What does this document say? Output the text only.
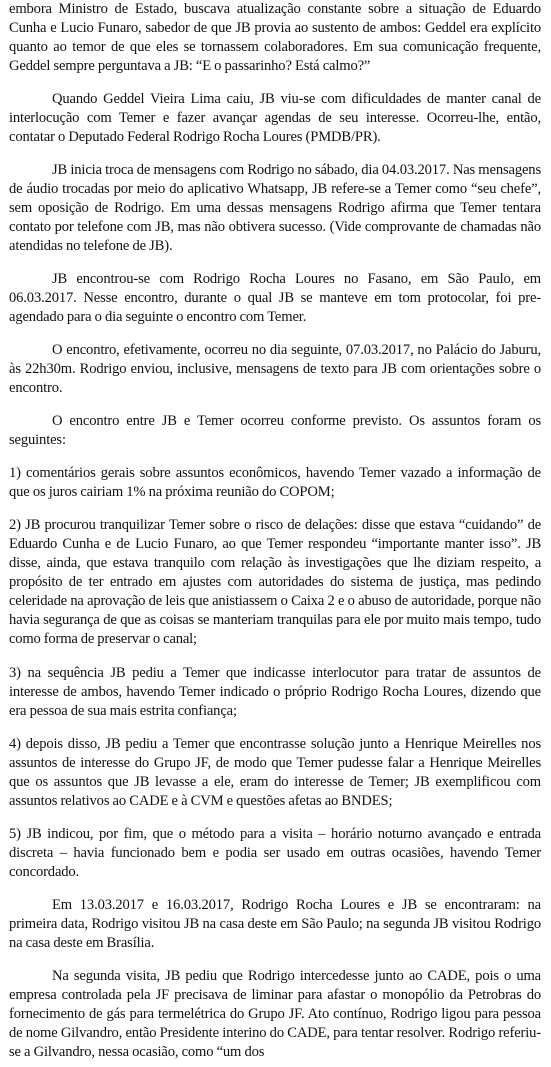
embora Ministro de Estado, buscava atualização constante sobre a situação de Eduardo Cunha e Lucio Funaro, sabedor de que JB provia ao sustento de ambos: Geddel era explícito quanto ao temor de que eles se tornassem colaboradores. Em sua comunicação frequente, Geddel sempre perguntava a JB: “E o passarinho? Está calmo?”

Quando Geddel Vieira Lima caiu, JB viu-se com dificuldades de manter canal de interlocução com Temer e fazer avançar agendas de seu interesse. Ocorreu-lhe, então, contatar o Deputado Federal Rodrigo Rocha Loures (PMDB/PR).

JB inicia troca de mensagens com Rodrigo no sábado, dia 04.03.2017. Nas mensagens de áudio trocadas por meio do aplicativo Whatsapp, JB refere-se a Temer como “seu chefe”, sem oposição de Rodrigo. Em uma dessas mensagens Rodrigo afirma que Temer tentara contato por telefone com JB, mas não obtivera sucesso. (Vide comprovante de chamadas não atendidas no telefone de JB).

JB encontrou-se com Rodrigo Rocha Loures no Fasano, em São Paulo, em 06.03.2017. Nesse encontro, durante o qual JB se manteve em tom protocolar, foi pre-agendado para o dia seguinte o encontro com Temer.

O encontro, efetivamente, ocorreu no dia seguinte, 07.03.2017, no Palácio do Jaburu, às 22h30m. Rodrigo enviou, inclusive, mensagens de texto para JB com orientações sobre o encontro.

O encontro entre JB e Temer ocorreu conforme previsto. Os assuntos foram os seguintes:

1) comentários gerais sobre assuntos econômicos, havendo Temer vazado a informação de que os juros cairiam 1% na próxima reunião do COPOM;

2) JB procurou tranquilizar Temer sobre o risco de delações: disse que estava “cuidando” de Eduardo Cunha e de Lucio Funaro, ao que Temer respondeu “importante manter isso”. JB disse, ainda, que estava tranquilo com relação às investigações que lhe diziam respeito, a propósito de ter entrado em ajustes com autoridades do sistema de justiça, mas pedindo celeridade na aprovação de leis que anistiassem o Caixa 2 e o abuso de autoridade, porque não havia segurança de que as coisas se manteriam tranquilas para ele por muito mais tempo, tudo como forma de preservar o canal;

3) na sequência JB pediu a Temer que indicasse interlocutor para tratar de assuntos de interesse de ambos, havendo Temer indicado o próprio Rodrigo Rocha Loures, dizendo que era pessoa de sua mais estrita confiança;

4) depois disso, JB pediu a Temer que encontrasse solução junto a Henrique Meirelles nos assuntos de interesse do Grupo JF, de modo que Temer pudesse falar a Henrique Meirelles que os assuntos que JB levasse a ele, eram do interesse de Temer; JB exemplificou com assuntos relativos ao CADE e à CVM e questões afetas ao BNDES;

5) JB indicou, por fim, que o método para a visita – horário noturno avançado e entrada discreta – havia funcionado bem e podia ser usado em outras ocasiões, havendo Temer concordado.

Em 13.03.2017 e 16.03.2017, Rodrigo Rocha Loures e JB se encontraram: na primeira data, Rodrigo visitou JB na casa deste em São Paulo; na segunda JB visitou Rodrigo na casa deste em Brasília.

Na segunda visita, JB pediu que Rodrigo intercedesse junto ao CADE, pois o uma empresa controlada pela JF precisava de liminar para afastar o monopólio da Petrobras do fornecimento de gás para termelétrica do Grupo JF. Ato contínuo, Rodrigo ligou para pessoa de nome Gilvandro, então Presidente interino do CADE, para tentar resolver. Rodrigo referiu-se a Gilvandro, nessa ocasião, como “um dos
